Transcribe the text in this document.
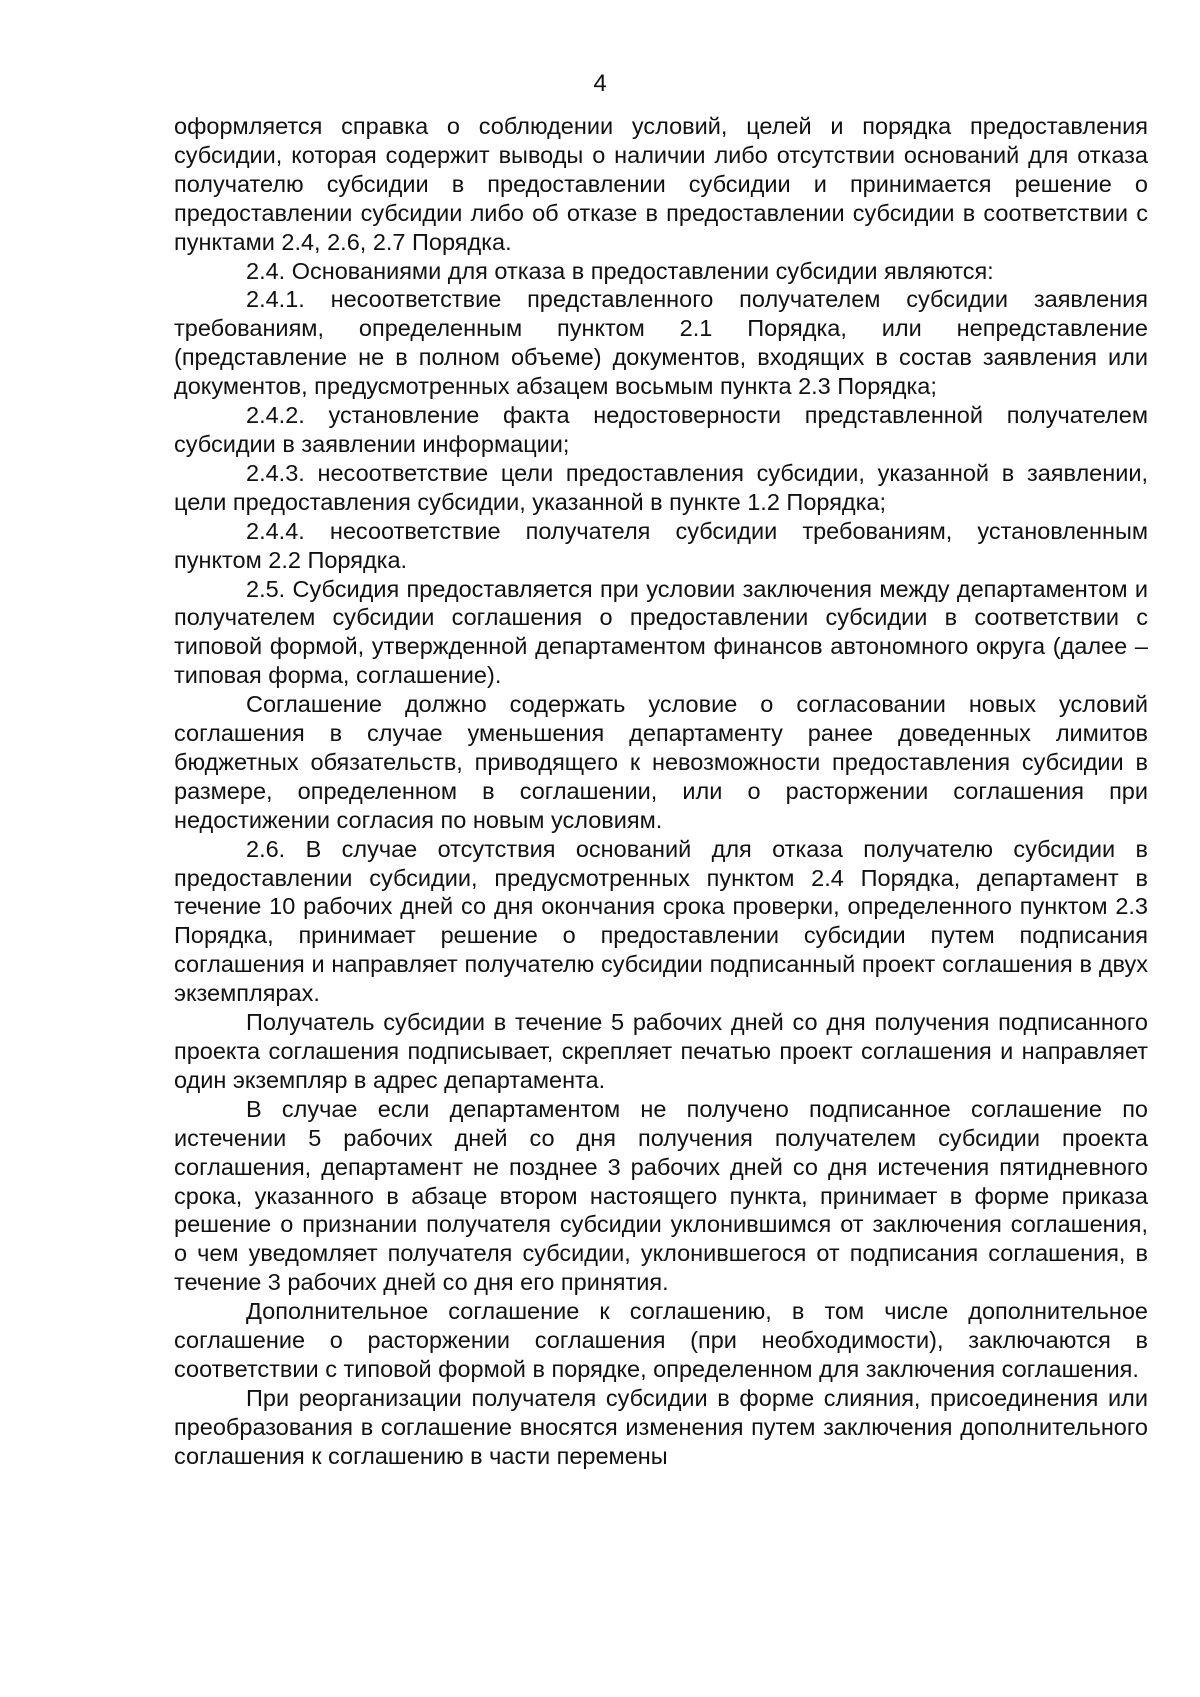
4

оформляется справка о соблюдении условий, целей и порядка предоставления субсидии, которая содержит выводы о наличии либо отсутствии оснований для отказа получателю субсидии в предоставлении субсидии и принимается решение о предоставлении субсидии либо об отказе в предоставлении субсидии в соответствии с пунктами 2.4, 2.6, 2.7 Порядка.

2.4. Основаниями для отказа в предоставлении субсидии являются:

2.4.1. несоответствие представленного получателем субсидии заявления требованиям, определенным пунктом 2.1 Порядка, или непредставление (представление не в полном объеме) документов, входящих в состав заявления или документов, предусмотренных абзацем восьмым пункта 2.3 Порядка;

2.4.2. установление факта недостоверности представленной получателем субсидии в заявлении информации;

2.4.3. несоответствие цели предоставления субсидии, указанной в заявлении, цели предоставления субсидии, указанной в пункте 1.2 Порядка;

2.4.4. несоответствие получателя субсидии требованиям, установленным пунктом 2.2 Порядка.

2.5. Субсидия предоставляется при условии заключения между департаментом и получателем субсидии соглашения о предоставлении субсидии в соответствии с типовой формой, утвержденной департаментом финансов автономного округа (далее – типовая форма, соглашение).

Соглашение должно содержать условие о согласовании новых условий соглашения в случае уменьшения департаменту ранее доведенных лимитов бюджетных обязательств, приводящего к невозможности предоставления субсидии в размере, определенном в соглашении, или о расторжении соглашения при недостижении согласия по новым условиям.

2.6. В случае отсутствия оснований для отказа получателю субсидии в предоставлении субсидии, предусмотренных пунктом 2.4 Порядка, департамент в течение 10 рабочих дней со дня окончания срока проверки, определенного пунктом 2.3 Порядка, принимает решение о предоставлении субсидии путем подписания соглашения и направляет получателю субсидии подписанный проект соглашения в двух экземплярах.

Получатель субсидии в течение 5 рабочих дней со дня получения подписанного проекта соглашения подписывает, скрепляет печатью проект соглашения и направляет один экземпляр в адрес департамента.

В случае если департаментом не получено подписанное соглашение по истечении 5 рабочих дней со дня получения получателем субсидии проекта соглашения, департамент не позднее 3 рабочих дней со дня истечения пятидневного срока, указанного в абзаце втором настоящего пункта, принимает в форме приказа решение о признании получателя субсидии уклонившимся от заключения соглашения, о чем уведомляет получателя субсидии, уклонившегося от подписания соглашения, в течение 3 рабочих дней со дня его принятия.

Дополнительное соглашение к соглашению, в том числе дополнительное соглашение о расторжении соглашения (при необходимости), заключаются в соответствии с типовой формой в порядке, определенном для заключения соглашения.

При реорганизации получателя субсидии в форме слияния, присоединения или преобразования в соглашение вносятся изменения путем заключения дополнительного соглашения к соглашению в части перемены
